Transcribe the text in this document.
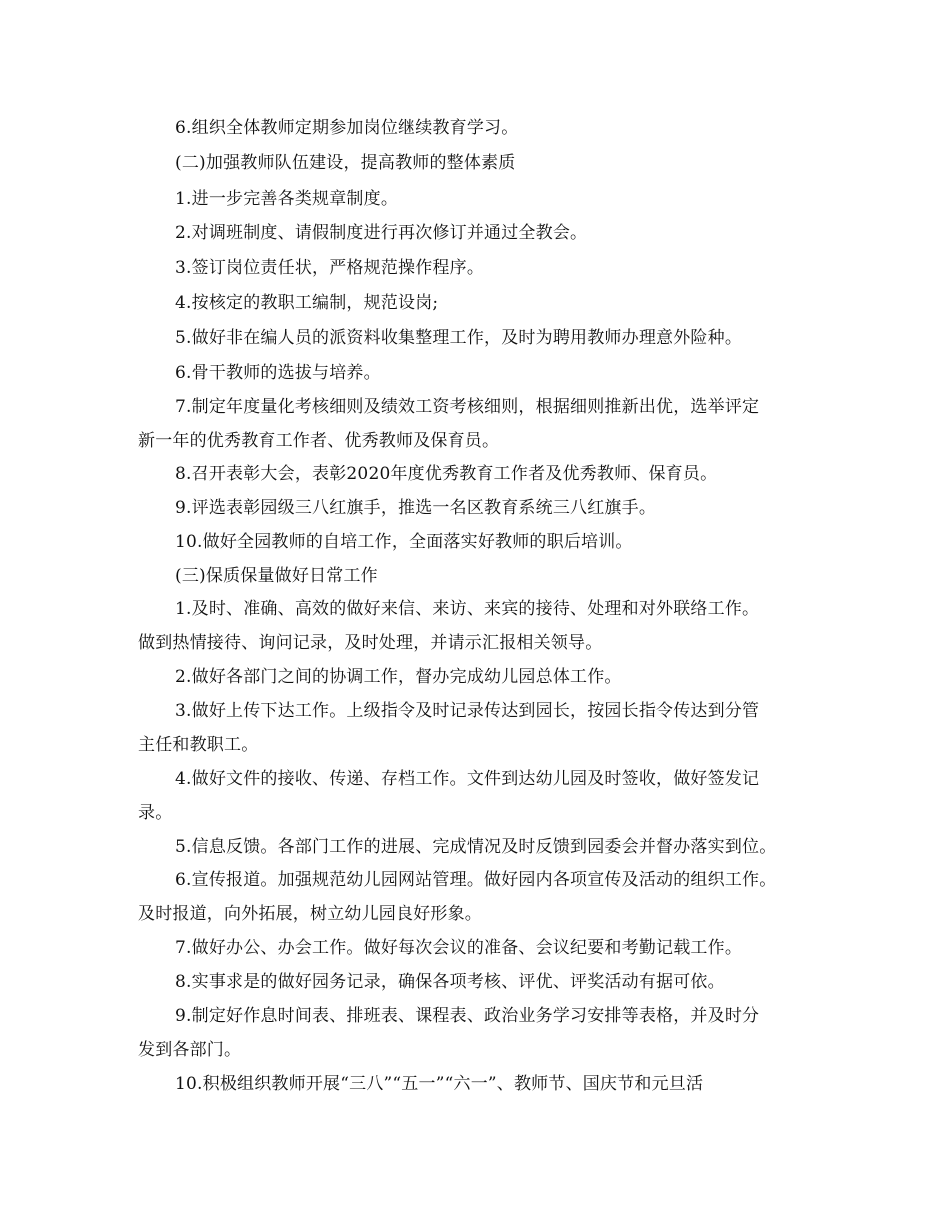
6.组织全体教师定期参加岗位继续教育学习。
(二)加强教师队伍建设，提高教师的整体素质
1.进一步完善各类规章制度。
2.对调班制度、请假制度进行再次修订并通过全教会。
3.签订岗位责任状，严格规范操作程序。
4.按核定的教职工编制，规范设岗;
5.做好非在编人员的派资料收集整理工作，及时为聘用教师办理意外险种。
6.骨干教师的选拔与培养。
7.制定年度量化考核细则及绩效工资考核细则，根据细则推新出优，选举评定
新一年的优秀教育工作者、优秀教师及保育员。
8.召开表彰大会，表彰2020年度优秀教育工作者及优秀教师、保育员。
9.评选表彰园级三八红旗手，推选一名区教育系统三八红旗手。
10.做好全园教师的自培工作，全面落实好教师的职后培训。
(三)保质保量做好日常工作
1.及时、准确、高效的做好来信、来访、来宾的接待、处理和对外联络工作。
做到热情接待、询问记录，及时处理，并请示汇报相关领导。
2.做好各部门之间的协调工作，督办完成幼儿园总体工作。
3.做好上传下达工作。上级指令及时记录传达到园长，按园长指令传达到分管
主任和教职工。
4.做好文件的接收、传递、存档工作。文件到达幼儿园及时签收，做好签发记
录。
5.信息反馈。各部门工作的进展、完成情况及时反馈到园委会并督办落实到位。
6.宣传报道。加强规范幼儿园网站管理。做好园内各项宣传及活动的组织工作。
及时报道，向外拓展，树立幼儿园良好形象。
7.做好办公、办会工作。做好每次会议的准备、会议纪要和考勤记载工作。
8.实事求是的做好园务记录，确保各项考核、评优、评奖活动有据可依。
9.制定好作息时间表、排班表、课程表、政治业务学习安排等表格，并及时分
发到各部门。
10.积极组织教师开展“三八”“五一”“六一”、教师节、国庆节和元旦活
